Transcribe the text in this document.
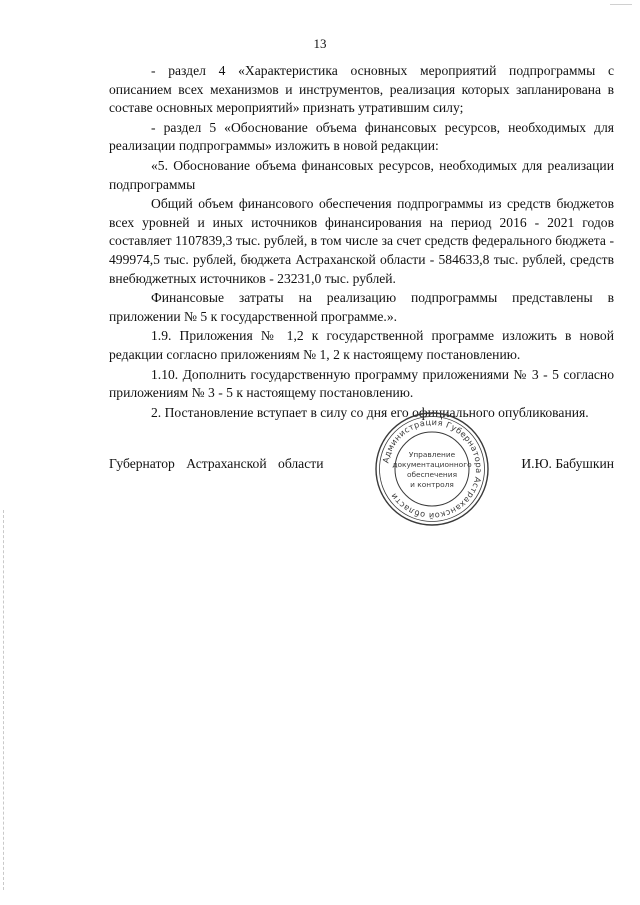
13

- раздел 4 «Характеристика основных мероприятий подпрограммы с описанием всех механизмов и инструментов, реализация которых запланирована в составе основных мероприятий» признать утратившим силу;

- раздел 5 «Обоснование объема финансовых ресурсов, необходимых для реализации подпрограммы» изложить в новой редакции:

«5. Обоснование объема финансовых ресурсов, необходимых для реализации подпрограммы

Общий объем финансового обеспечения подпрограммы из средств бюджетов всех уровней и иных источников финансирования на период 2016 - 2021 годов составляет 1107839,3 тыс. рублей, в том числе за счет средств федерального бюджета - 499974,5 тыс. рублей, бюджета Астраханской области - 584633,8 тыс. рублей, средств внебюджетных источников - 23231,0 тыс. рублей.

Финансовые затраты на реализацию подпрограммы представлены в приложении № 5 к государственной программе.».

1.9. Приложения № 1,2 к государственной программе изложить в новой редакции согласно приложениям № 1, 2 к настоящему постановлению.

1.10. Дополнить государственную программу приложениями № 3 - 5 согласно приложениям № 3 - 5 к настоящему постановлению.

2. Постановление вступает в силу со дня его официального опубликования.

Губернатор Астраханской области	И.Ю. Бабушкин
Администрация Губернатора Астраханской области
Управление
документационного
обеспечения
и контроля
